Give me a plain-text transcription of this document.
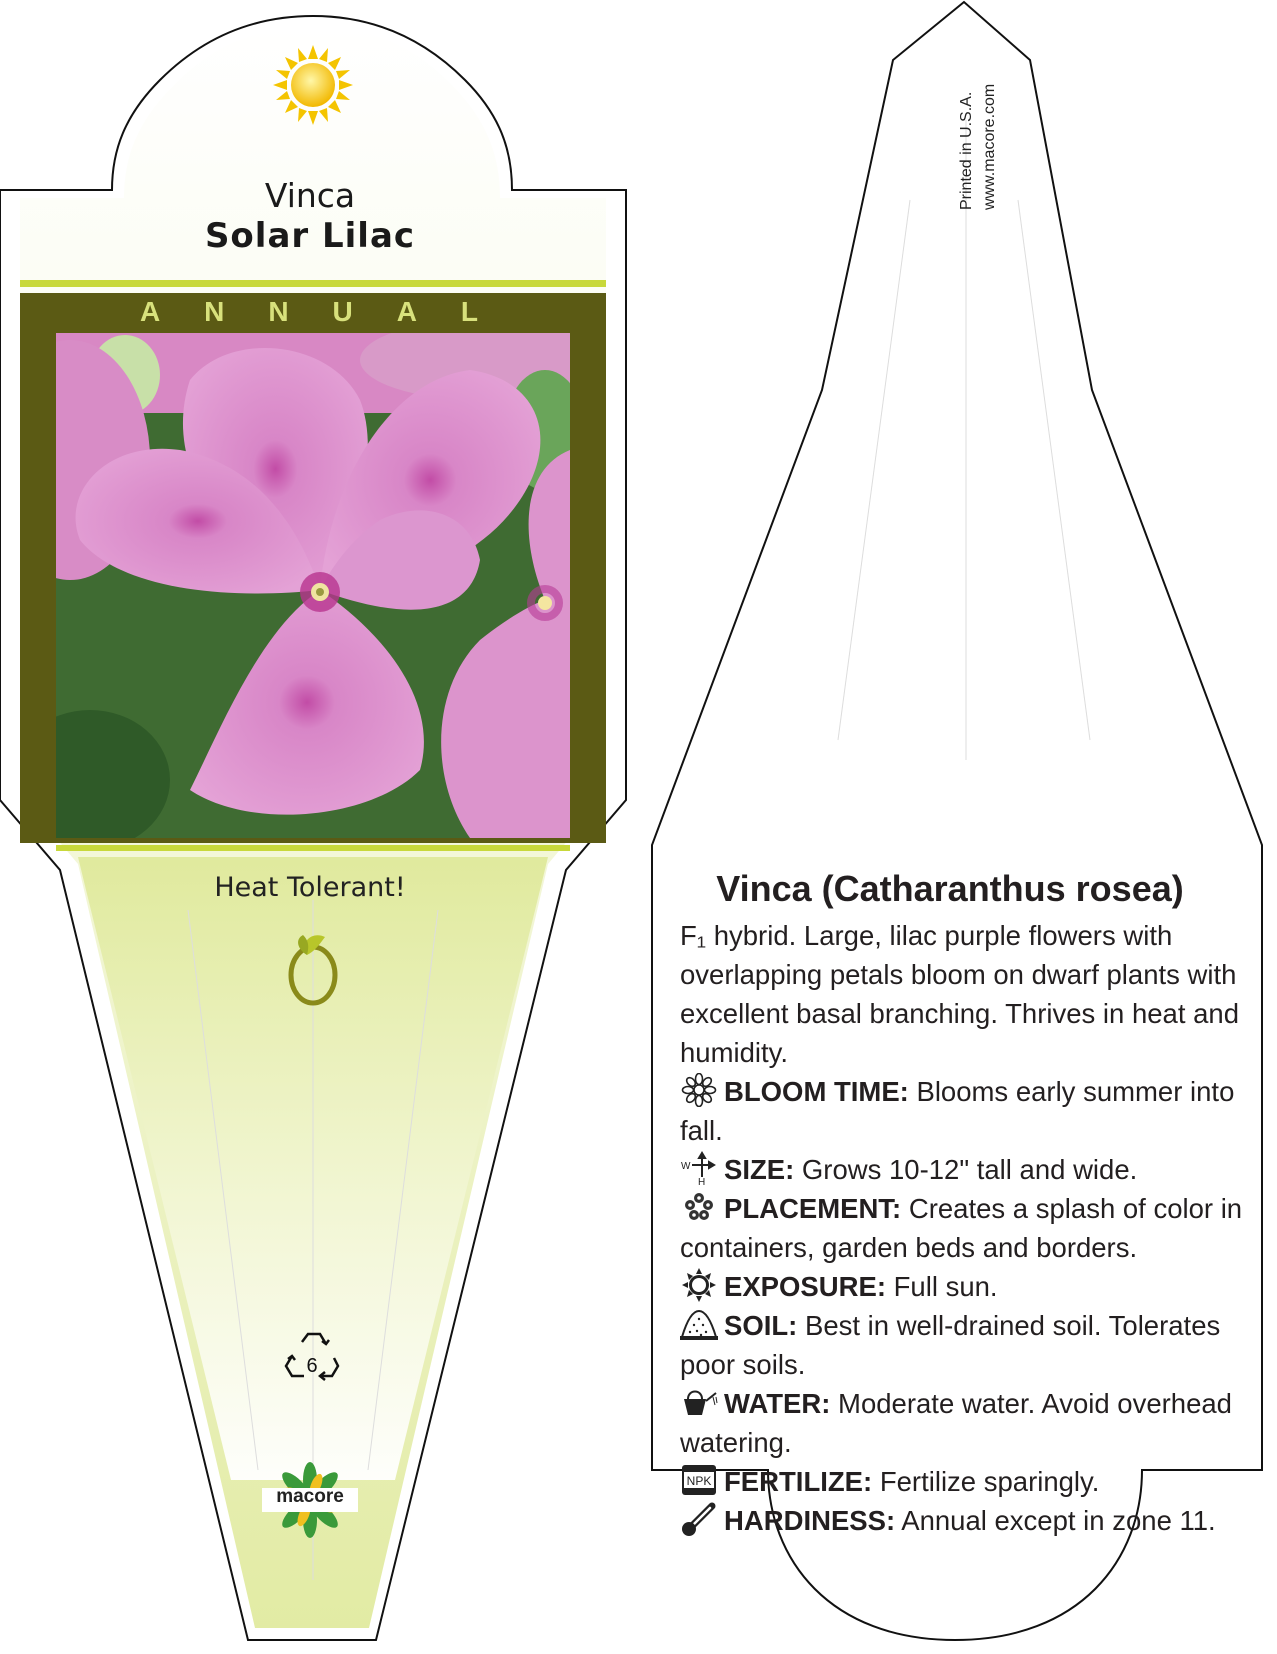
Vinca
Solar Lilac
A N N U A L
Heat Tolerant!
6
macore
Printed in U.S.A. www.macore.com
Vinca (Catharanthus rosea)
F₁ hybrid. Large, lilac purple flowers with overlapping petals bloom on dwarf plants with excellent basal branching. Thrives in heat and humidity.
BLOOM TIME: Blooms early summer into fall.
W
H SIZE: Grows 10-12" tall and wide.
PLACEMENT: Creates a splash of color in containers, garden beds and borders.
EXPOSURE: Full sun.
SOIL: Best in well-drained soil. Tolerates poor soils.
WATER: Moderate water. Avoid overhead watering.
NPK FERTILIZE: Fertilize sparingly.
HARDINESS: Annual except in zone 11.
